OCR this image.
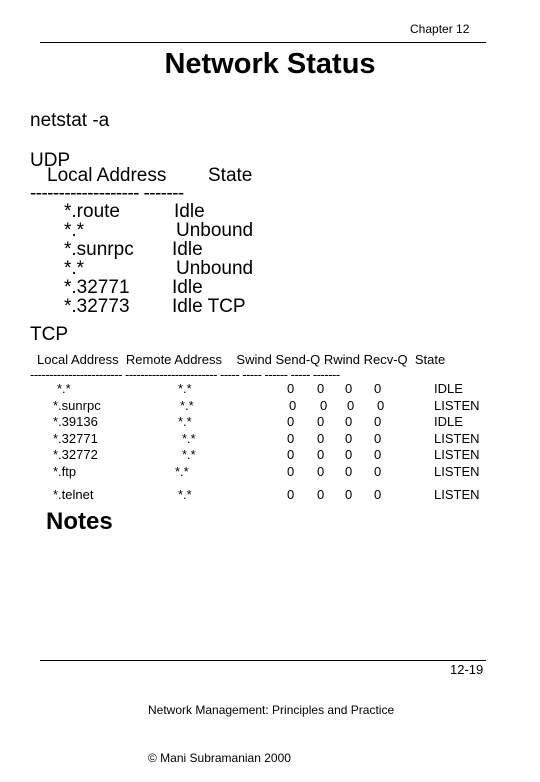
Chapter 12
Network Status
netstat -a
UDP
Local Address State
------------------- -------
*.route	Idle
*.*	Unbound
*.sunrpc Idle
*.*	Unbound
*.32771 Idle
*.32773 Idle TCP
TCP
Local Address  Remote Address    Swind Send-Q Rwind Recv-Q  State
------------------------ ------------------------ ----- ----- ------ ----- -------
*.*	*.*	0 0 0 0	IDLE
*.sunrpc	*.*	0 0 0 0	LISTEN
*.39136	*.*	0 0 0 0	IDLE
*.32771	*.*	0 0 0 0	LISTEN
*.32772	*.*	0 0 0 0	LISTEN
*.ftp	*.*	0 0 0 0	LISTEN
*.telnet	*.*	0 0 0 0	LISTEN
Notes

Network Management: Principles and Practice

© Mani Subramanian 2000

12-19
